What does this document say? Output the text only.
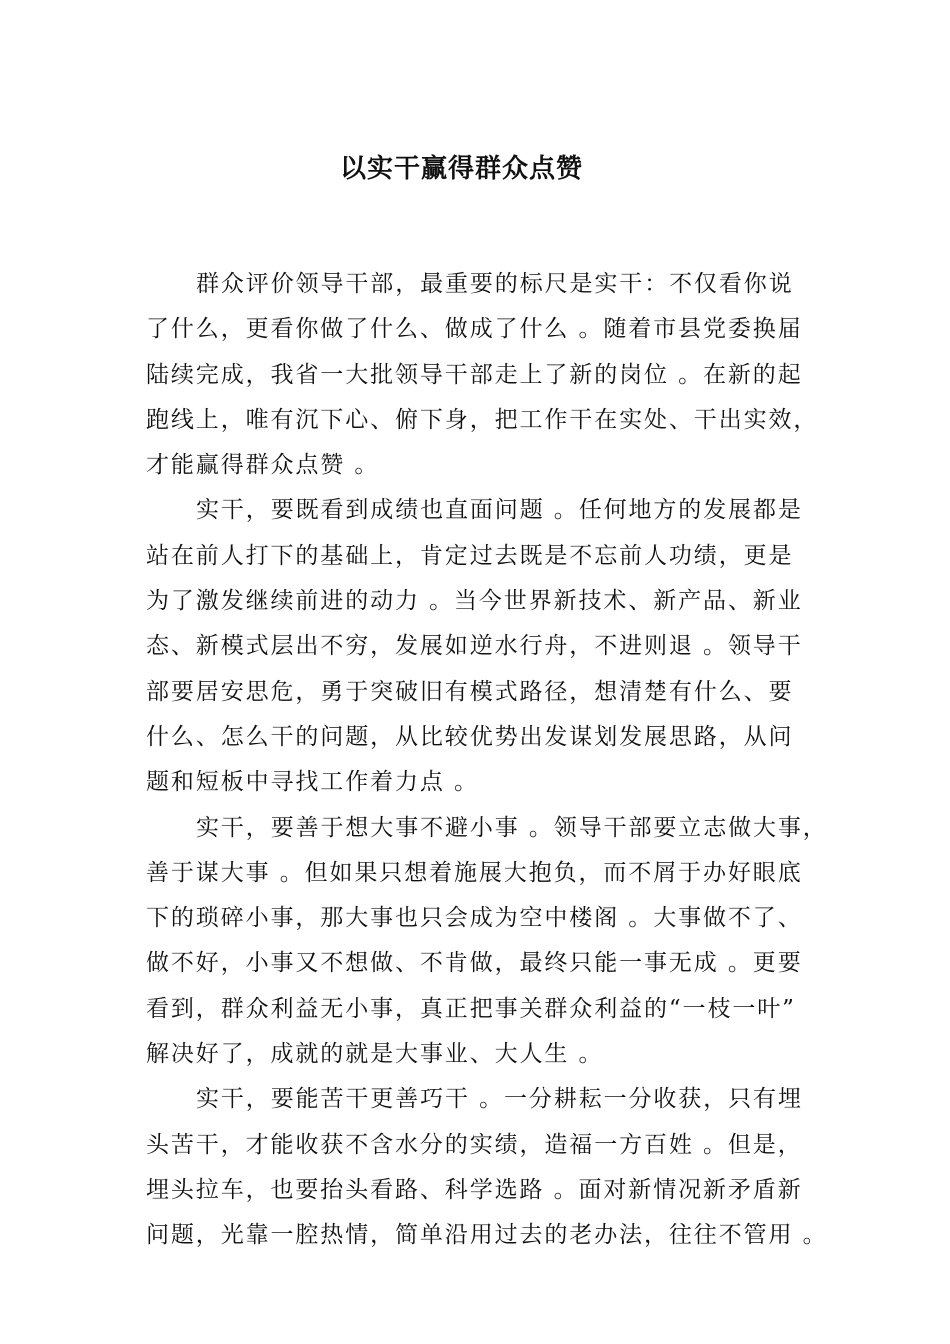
以实干赢得群众点赞
群众评价领导干部，最重要的标尺是实干：不仅看你说
了什么，更看你做了什么、做成了什么 。随着市县党委换届
陆续完成，我省一大批领导干部走上了新的岗位 。在新的起
跑线上，唯有沉下心、俯下身，把工作干在实处、干出实效，
才能赢得群众点赞 。
实干，要既看到成绩也直面问题 。任何地方的发展都是
站在前人打下的基础上，肯定过去既是不忘前人功绩，更是
为了激发继续前进的动力 。当今世界新技术、新产品、新业
态、新模式层出不穷，发展如逆水行舟，不进则退 。领导干
部要居安思危，勇于突破旧有模式路径，想清楚有什么、要
什么、怎么干的问题，从比较优势出发谋划发展思路，从问
题和短板中寻找工作着力点 。
实干，要善于想大事不避小事 。领导干部要立志做大事，
善于谋大事 。但如果只想着施展大抱负，而不屑于办好眼底
下的琐碎小事，那大事也只会成为空中楼阁 。大事做不了、
做不好，小事又不想做、不肯做，最终只能一事无成 。更要
看到，群众利益无小事，真正把事关群众利益的“一枝一叶”
解决好了，成就的就是大事业、大人生 。
实干，要能苦干更善巧干 。一分耕耘一分收获，只有埋
头苦干，才能收获不含水分的实绩，造福一方百姓 。但是，
埋头拉车，也要抬头看路、科学选路 。面对新情况新矛盾新
问题，光靠一腔热情，简单沿用过去的老办法，往往不管用 。
